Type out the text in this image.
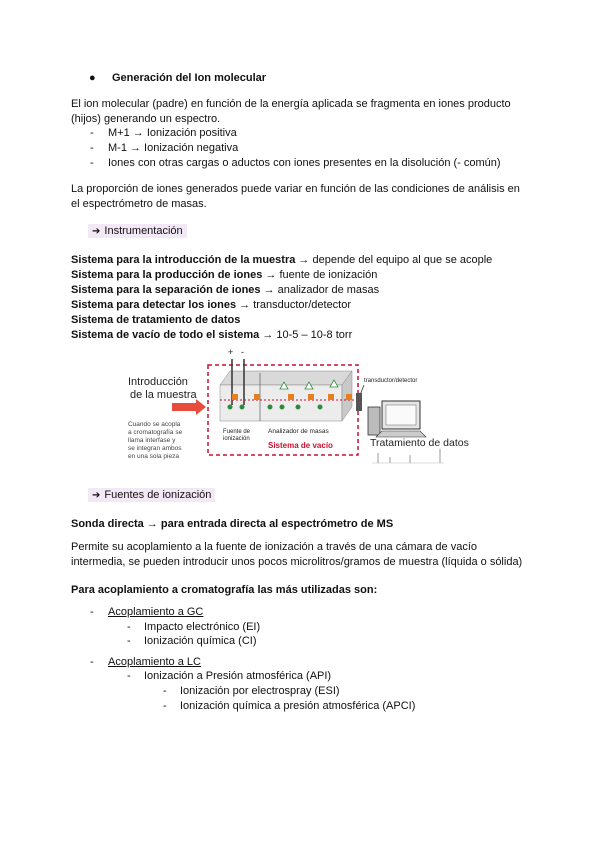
● Generación del Ion molecular
El ion molecular (padre) en función de la energía aplicada se fragmenta en iones producto
(hijos) generando un espectro.
- M+1 → Ionización positiva
- M-1 → Ionización negativa
- Iones con otras cargas o aductos con iones presentes en la disolución (- común)
La proporción de iones generados puede variar en función de las condiciones de análisis en
el espectrómetro de masas.
➔ Instrumentación
Sistema para la introducción de la muestra → depende del equipo al que se acople
Sistema para la producción de iones → fuente de ionización
Sistema para la separación de iones → analizador de masas
Sistema para detectar los iones → transductor/detector
Sistema de tratamiento de datos
Sistema de vacío de todo el sistema → 10-5 – 10-8 torr
Introducción
de la muestra
Cuando se acopla
a cromatografía se
llama interfase y
se integran ambos
en una sola pieza
+ -
Fuente de
ionización
Analizador de masas
Sistema de vacío
transductor/detector
Tratamiento de datos
➔ Fuentes de ionización
Sonda directa → para entrada directa al espectrómetro de MS
Permite su acoplamiento a la fuente de ionización a través de una cámara de vacío
intermedia, se pueden introducir unos pocos microlitros/gramos de muestra (líquida o sólida)
Para acoplamiento a cromatografía las más utilizadas son:
- Acoplamiento a GC
- Impacto electrónico (EI)
- Ionización química (CI)
- Acoplamiento a LC
- Ionización a Presión atmosférica (API)
- Ionización por electrospray (ESI)
- Ionización química a presión atmosférica (APCI)
